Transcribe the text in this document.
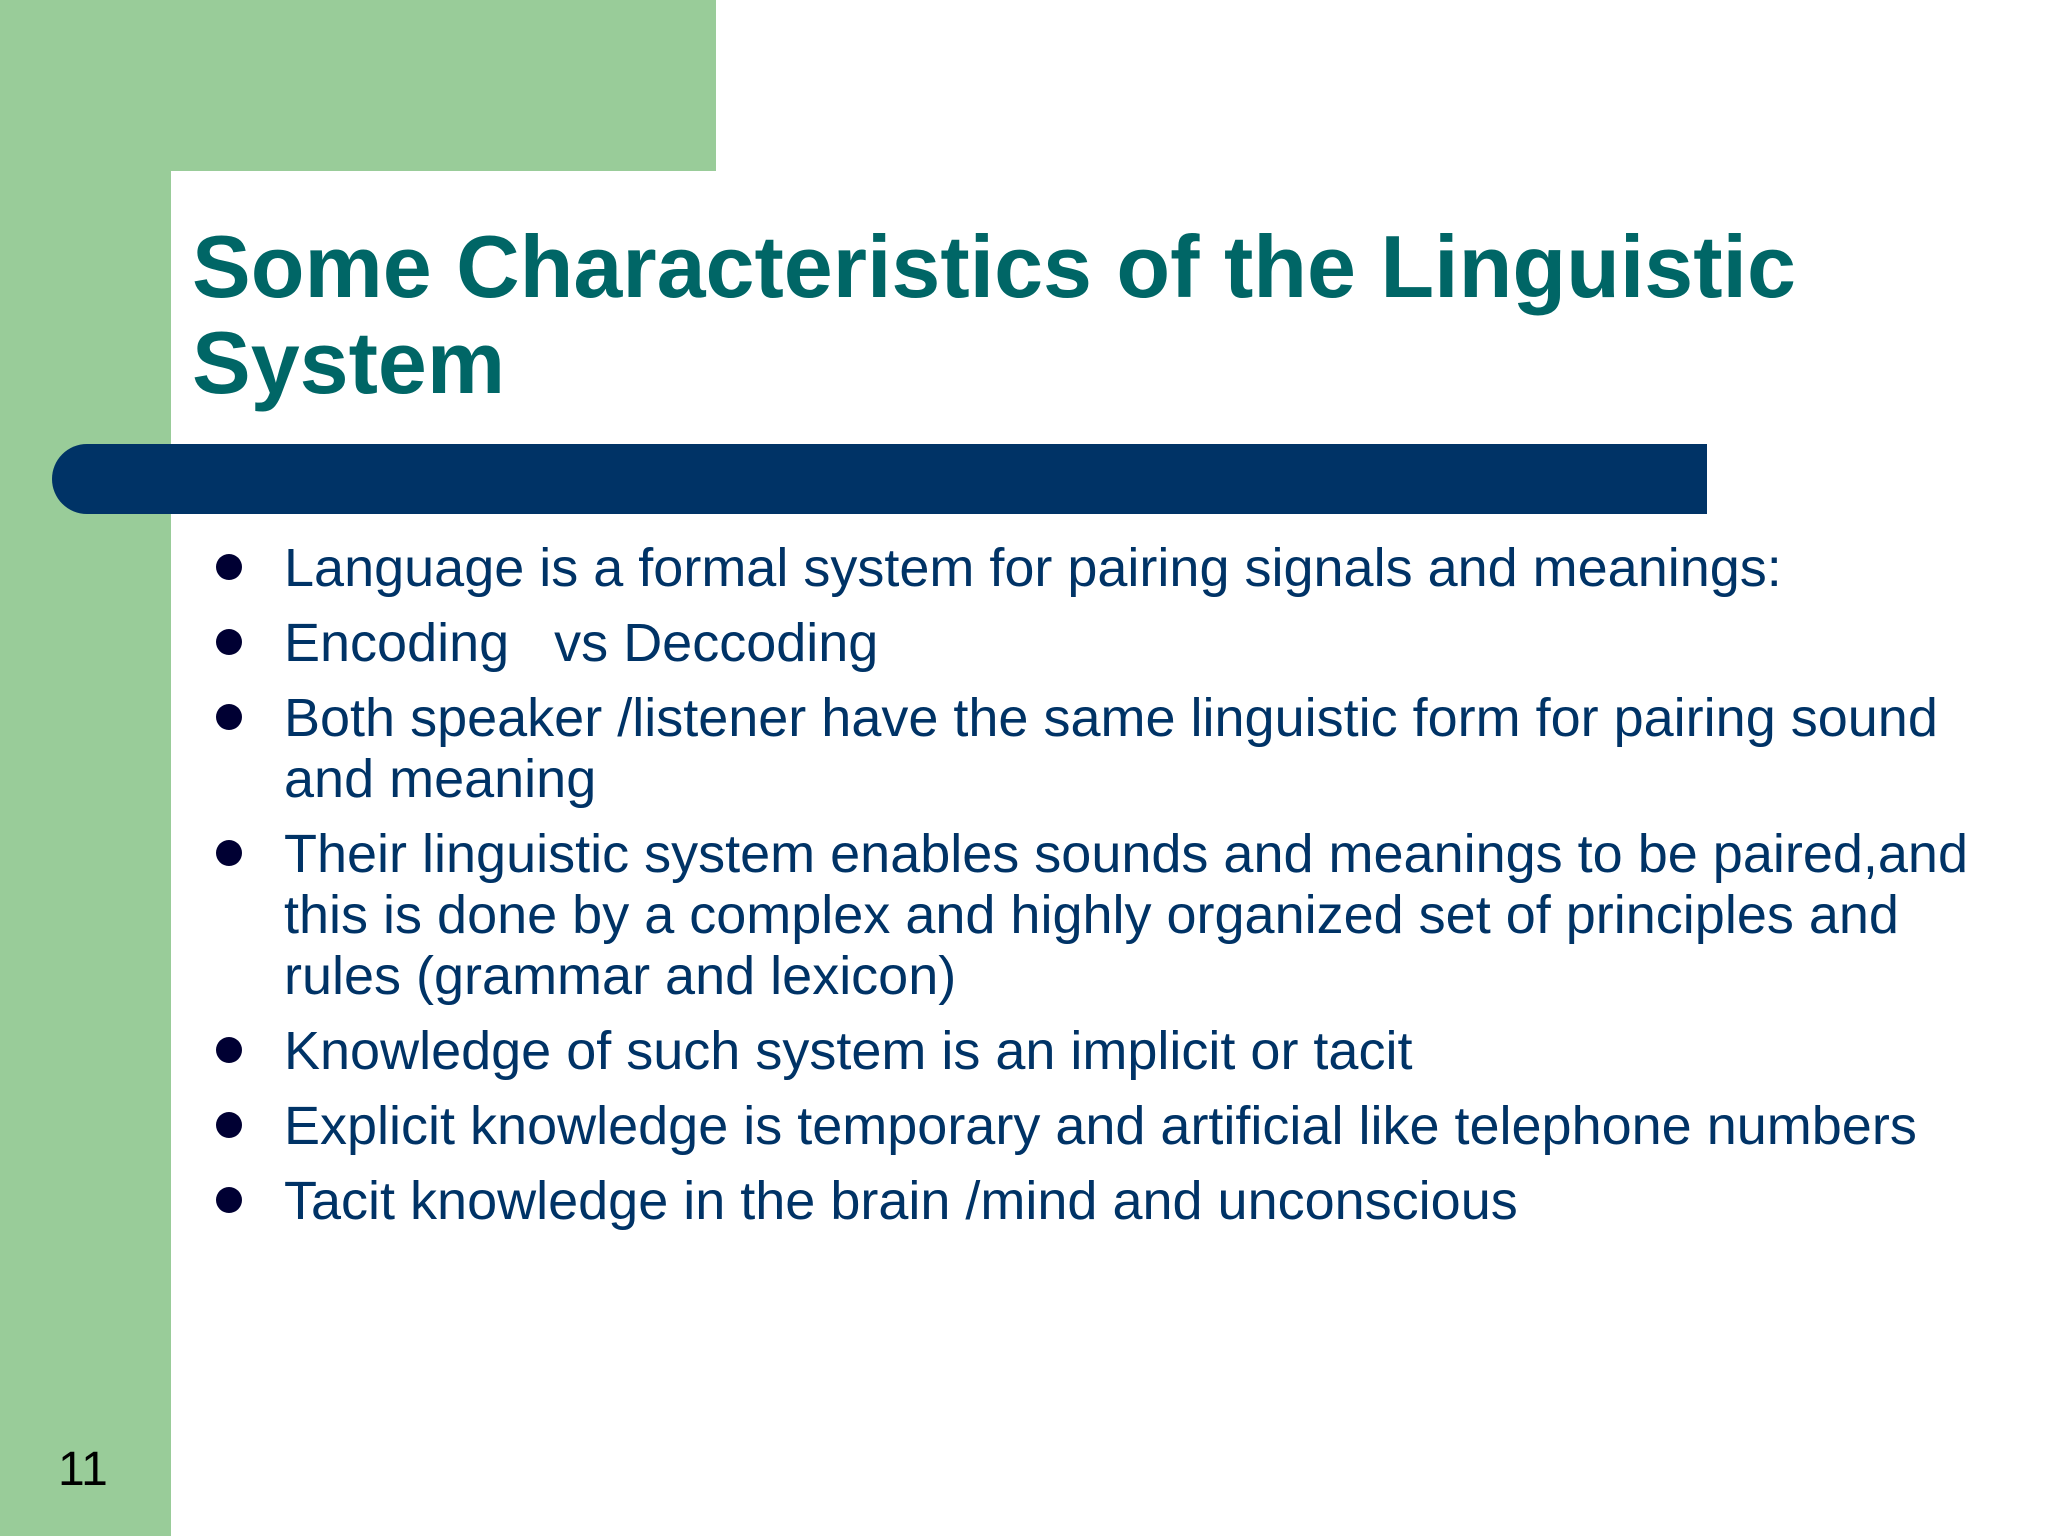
Some Characteristics of the Linguistic System
Language is a formal system for pairing signals and meanings:
Encoding   vs Deccoding
Both speaker /listener have the same linguistic form for pairing sound and meaning
Their linguistic system enables sounds and meanings to be paired,and this is done by a complex and highly organized set of principles and rules (grammar and lexicon)
Knowledge of such system is an implicit or tacit
Explicit knowledge is temporary and artificial like telephone numbers
Tacit knowledge in the brain /mind and unconscious
11
